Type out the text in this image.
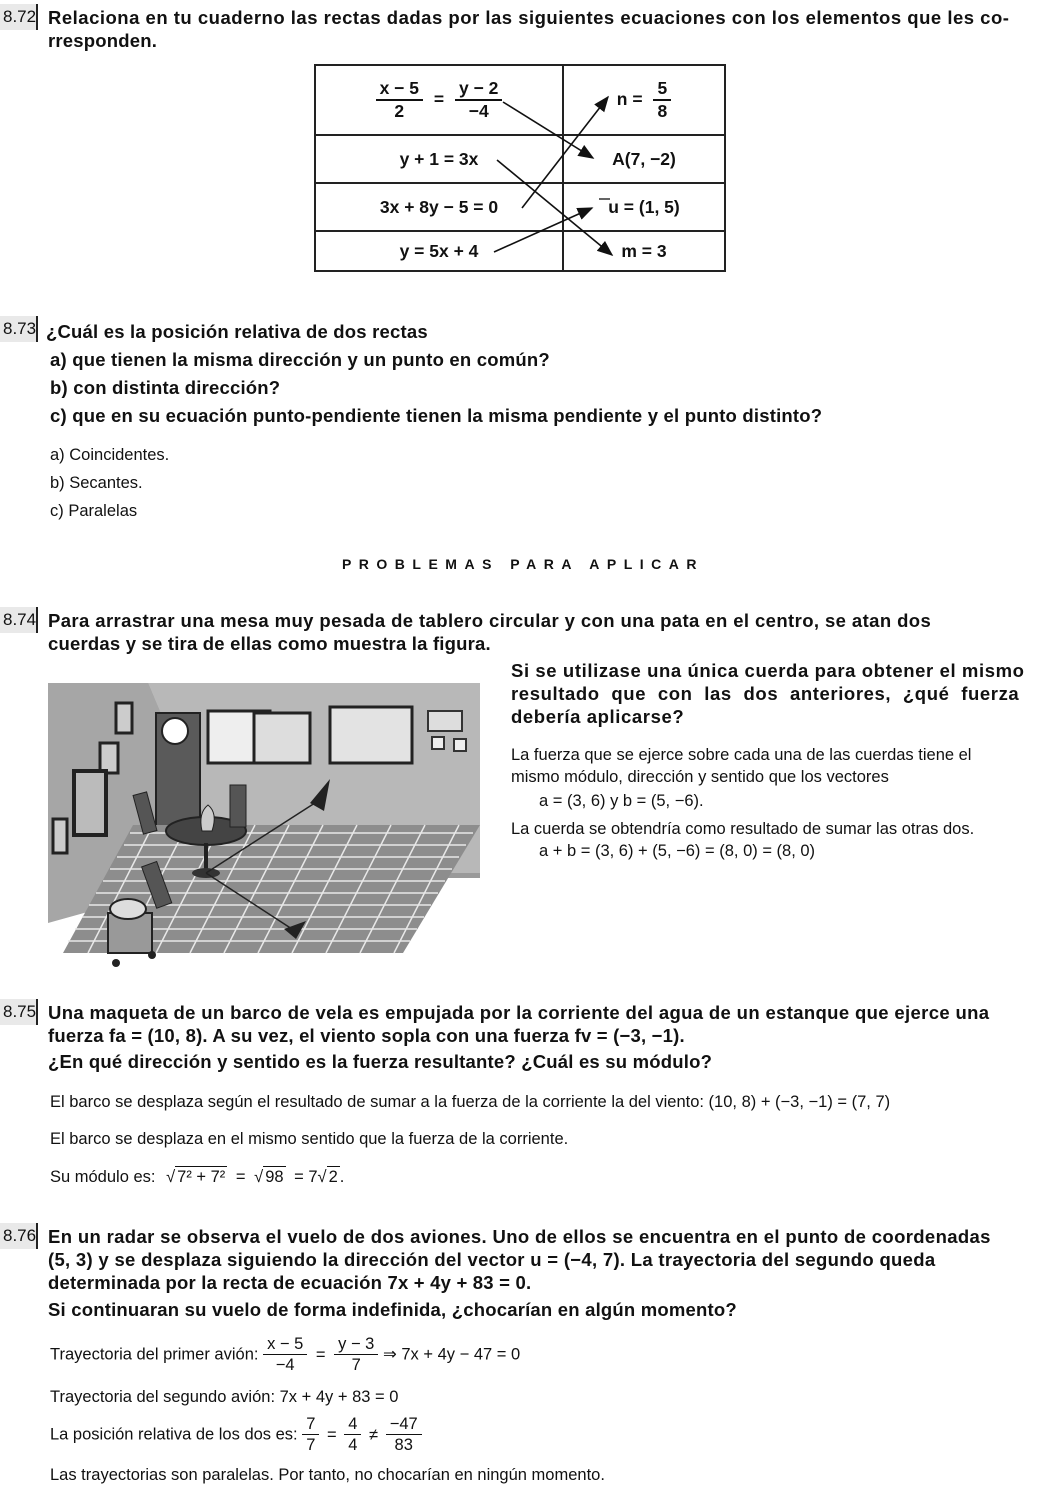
8.72 Relaciona en tu cuaderno las rectas dadas por las siguientes ecuaciones con los elementos que les co-
rresponden.
$\frac{x - 5}{2} = \frac{y - 2}{-4}$	$n = \frac{5}{8}$

y + 1 = 3x	A(7, −2)
3x + 8y − 5 = 0	u = (1, 5)
y = 5x + 4	m = 3
8.73 ¿Cuál es la posición relativa de dos rectas
a) que tienen la misma dirección y un punto en común?
b) con distinta dirección?
c) que en su ecuación punto-pendiente tienen la misma pendiente y el punto distinto?
a) Coincidentes.
b) Secantes.
c) Paralelas
PROBLEMAS PARA APLICAR
8.74 Para arrastrar una mesa muy pesada de tablero circular y con una pata en el centro, se atan dos
cuerdas y se tira de ellas como muestra la figura.
Si se utilizase una única cuerda para obtener el mismo
resultado que con las dos anteriores, ¿qué fuerza
debería aplicarse?
La fuerza que se ejerce sobre cada una de las cuerdas tiene el
mismo módulo, dirección y sentido que los vectores
a = (3, 6) y b = (5, −6).
La cuerda se obtendría como resultado de sumar las otras dos.
a + b = (3, 6) + (5, −6) = (8, 0) = (8, 0)
8.75 Una maqueta de un barco de vela es empujada por la corriente del agua de un estanque que ejerce una
fuerza fa = (10, 8). A su vez, el viento sopla con una fuerza fv = (−3, −1).
¿En qué dirección y sentido es la fuerza resultante? ¿Cuál es su módulo?
El barco se desplaza según el resultado de sumar a la fuerza de la corriente la del viento: (10, 8) + (−3, −1) = (7, 7)
El barco se desplaza en el mismo sentido que la fuerza de la corriente.
Su módulo es: √ 7² + 7² = √ 98 = 7√ 2 .
8.76 En un radar se observa el vuelo de dos aviones. Uno de ellos se encuentra en el punto de coordenadas
(5, 3) y se desplaza siguiendo la dirección del vector u = (−4, 7). La trayectoria del segundo queda
determinada por la recta de ecuación 7x + 4y + 83 = 0.
Si continuaran su vuelo de forma indefinida, ¿chocarían en algún momento?
Trayectoria del primer avión: $\frac{x - 5}{-4} = \frac{y - 3}{7}$ ⇒ 7x + 4y − 47 = 0
Trayectoria del segundo avión: 7x + 4y + 83 = 0
La posición relativa de los dos es: $\frac{7}{7} = \frac{4}{4} \ne \frac{-47}{83}$
Las trayectorias son paralelas. Por tanto, no chocarían en ningún momento.
